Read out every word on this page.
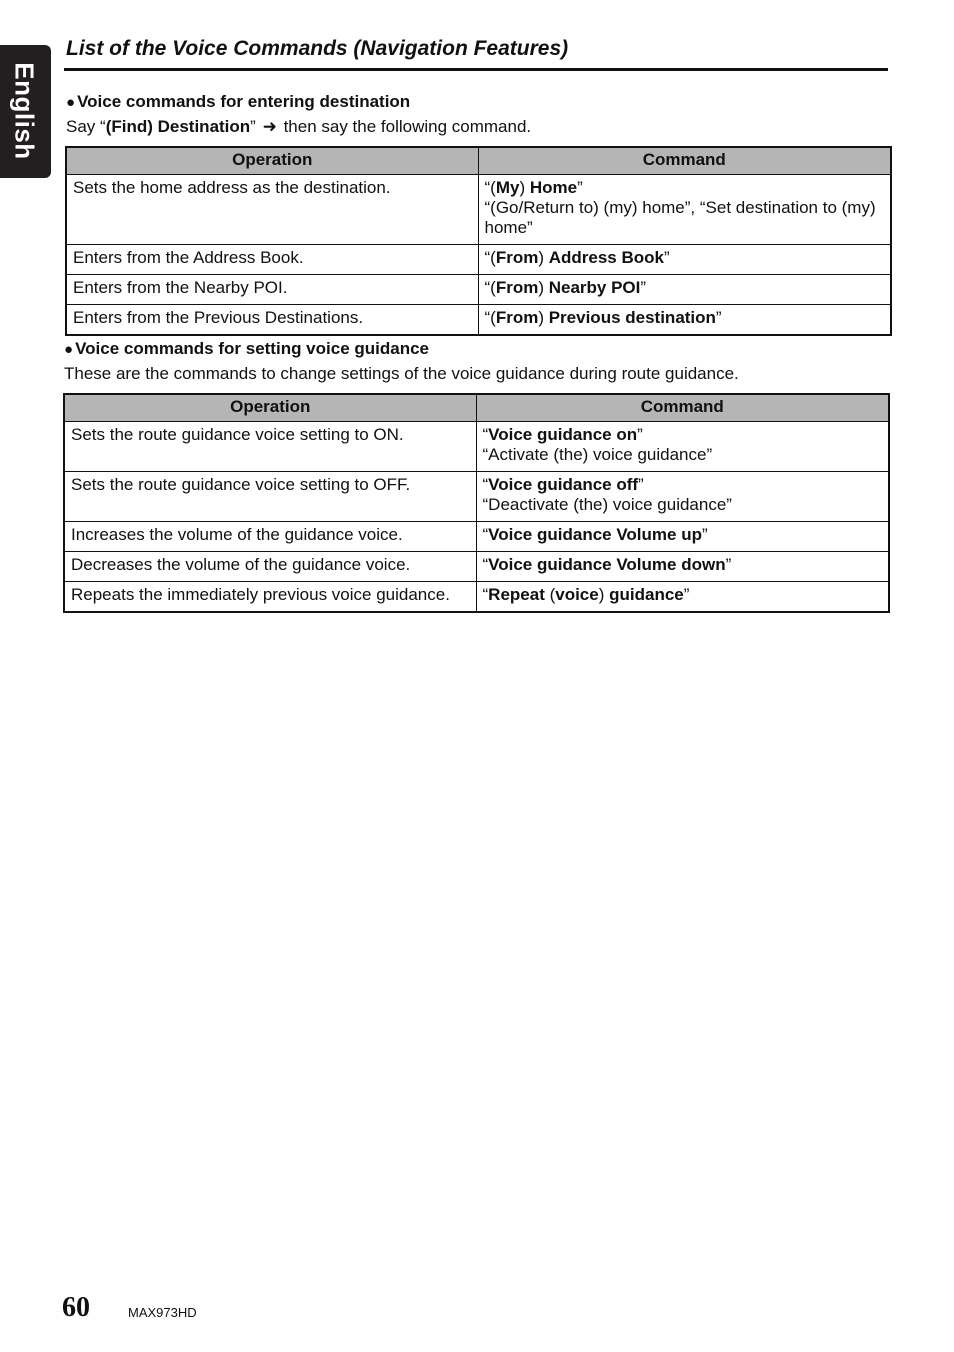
English
List of the Voice Commands (Navigation Features)
● Voice commands for entering destination
Say “(Find) Destination” ➜ then say the following command.
Operation	Command
Sets the home address as the destination.	“(My) Home”
“(Go/Return to) (my) home”, “Set destination to (my) home”

Enters from the Address Book.	“(From) Address Book”

Enters from the Nearby POI.	“(From) Nearby POI”

Enters from the Previous Destinations.	“(From) Previous destination”
● Voice commands for setting voice guidance
These are the commands to change settings of the voice guidance during route guidance.
Operation	Command
Sets the route guidance voice setting to ON.	“Voice guidance on”
“Activate (the) voice guidance”

Sets the route guidance voice setting to OFF.	“Voice guidance off”
“Deactivate (the) voice guidance”

Increases the volume of the guidance voice.	“Voice guidance Volume up”

Decreases the volume of the guidance voice.	“Voice guidance Volume down”

Repeats the immediately previous voice guidance.	“Repeat (voice) guidance”
60	MAX973HD
